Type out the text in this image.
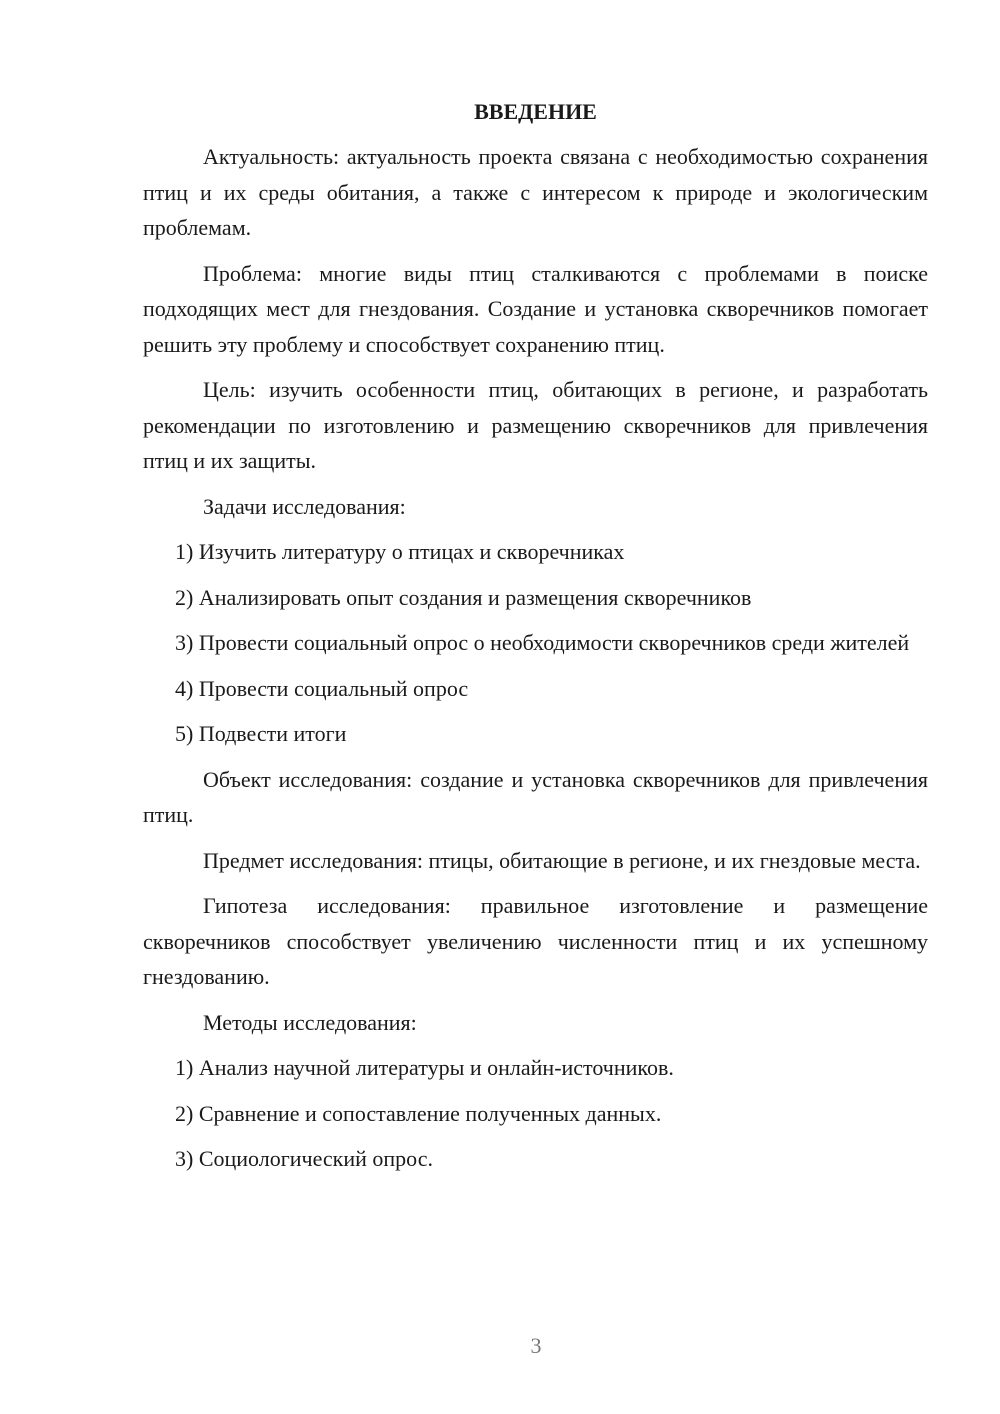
ВВЕДЕНИЕ

Актуальность: актуальность проекта связана с необходимостью сохранения птиц и их среды обитания, а также с интересом к природе и экологическим проблемам.

Проблема: многие виды птиц сталкиваются с проблемами в поиске подходящих мест для гнездования. Создание и установка скворечников помогает решить эту проблему и способствует сохранению птиц.

Цель: изучить особенности птиц, обитающих в регионе, и разработать рекомендации по изготовлению и размещению скворечников для привлечения птиц и их защиты.

Задачи исследования:

1) Изучить литературу о птицах и скворечниках

2) Анализировать опыт создания и размещения скворечников

3) Провести социальный опрос о необходимости скворечников среди жителей

4) Провести социальный опрос

5) Подвести итоги

Объект исследования: создание и установка скворечников для привлечения птиц.

Предмет исследования: птицы, обитающие в регионе, и их гнездовые места.

Гипотеза исследования: правильное изготовление и размещение скворечников способствует увеличению численности птиц и их успешному гнездованию.

Методы исследования:

1) Анализ научной литературы и онлайн-источников.

2) Сравнение и сопоставление полученных данных.

3) Социологический опрос.

3
